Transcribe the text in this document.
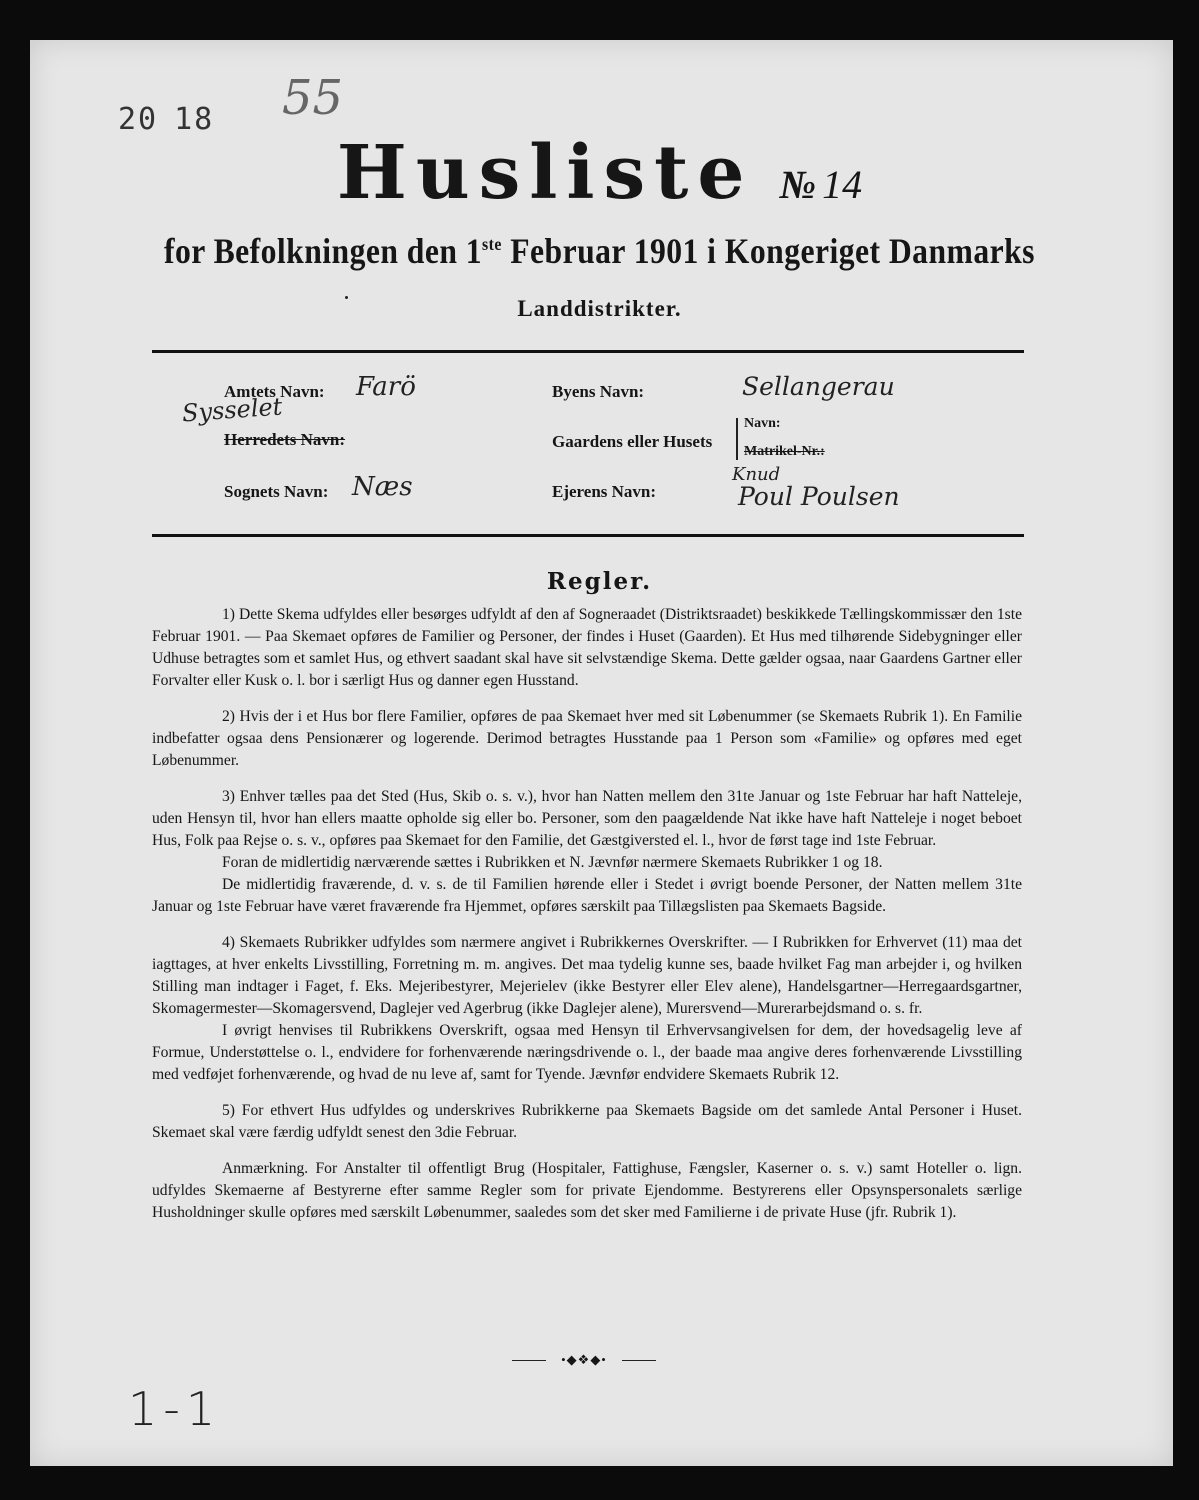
20 18	55
Husliste № 14
for Befolkningen den 1ste Februar 1901 i Kongeriget Danmarks
Landdistrikter.
Amtets Navn: Farö
Sysselet
Herredets Navn:
Sognets Navn: Næs
Byens Navn:	Sellangerau
Gaardens eller Husets
Navn:
Matrikel-Nr.:
Ejerens Navn:
Knud
Poul Poulsen
Regler.

1) Dette Skema udfyldes eller besørges udfyldt af den af Sogneraadet (Distriktsraadet) beskikkede Tællingskommissær den 1ste Februar 1901. — Paa Skemaet opføres de Familier og Personer, der findes i Huset (Gaarden). Et Hus med tilhørende Sidebygninger eller Udhuse betragtes som et samlet Hus, og ethvert saadant skal have sit selvstændige Skema. Dette gælder ogsaa, naar Gaardens Gartner eller Forvalter eller Kusk o. l. bor i særligt Hus og danner egen Husstand.

2) Hvis der i et Hus bor flere Familier, opføres de paa Skemaet hver med sit Løbenummer (se Skemaets Rubrik 1). En Familie indbefatter ogsaa dens Pensionærer og logerende. Derimod betragtes Husstande paa 1 Person som «Familie» og opføres med eget Løbenummer.

3) Enhver tælles paa det Sted (Hus, Skib o. s. v.), hvor han Natten mellem den 31te Januar og 1ste Februar har haft Natteleje, uden Hensyn til, hvor han ellers maatte opholde sig eller bo. Personer, som den paagældende Nat ikke have haft Natteleje i noget beboet Hus, Folk paa Rejse o. s. v., opføres paa Skemaet for den Familie, det Gæstgiversted el. l., hvor de først tage ind 1ste Februar.

Foran de midlertidig nærværende sættes i Rubrikken et N. Jævnfør nærmere Skemaets Rubrikker 1 og 18.

De midlertidig fraværende, d. v. s. de til Familien hørende eller i Stedet i øvrigt boende Personer, der Natten mellem 31te Januar og 1ste Februar have været fraværende fra Hjemmet, opføres særskilt paa Tillægslisten paa Skemaets Bagside.

4) Skemaets Rubrikker udfyldes som nærmere angivet i Rubrikkernes Overskrifter. — I Rubrikken for Erhvervet (11) maa det iagttages, at hver enkelts Livsstilling, Forretning m. m. angives. Det maa tydelig kunne ses, baade hvilket Fag man arbejder i, og hvilken Stilling man indtager i Faget, f. Eks. Mejeribestyrer, Mejerielev (ikke Bestyrer eller Elev alene), Handelsgartner—Herregaardsgartner, Skomagermester—Skomagersvend, Daglejer ved Agerbrug (ikke Daglejer alene), Murersvend—Murerarbejdsmand o. s. fr.

I øvrigt henvises til Rubrikkens Overskrift, ogsaa med Hensyn til Erhvervsangivelsen for dem, der hovedsagelig leve af Formue, Understøttelse o. l., endvidere for forhenværende næringsdrivende o. l., der baade maa angive deres forhenværende Livsstilling med vedføjet forhenværende, og hvad de nu leve af, samt for Tyende. Jævnfør endvidere Skemaets Rubrik 12.

5) For ethvert Hus udfyldes og underskrives Rubrikkerne paa Skemaets Bagside om det samlede Antal Personer i Huset. Skemaet skal være færdig udfyldt senest den 3die Februar.

Anmærkning. For Anstalter til offentligt Brug (Hospitaler, Fattighuse, Fængsler, Kaserner o. s. v.) samt Hoteller o. lign. udfyldes Skemaerne af Bestyrerne efter samme Regler som for private Ejendomme. Bestyrerens eller Opsynspersonalets særlige Husholdninger skulle opføres med særskilt Løbenummer, saaledes som det sker med Familierne i de private Huse (jfr. Rubrik 1).

•◆❖◆•
1-1
